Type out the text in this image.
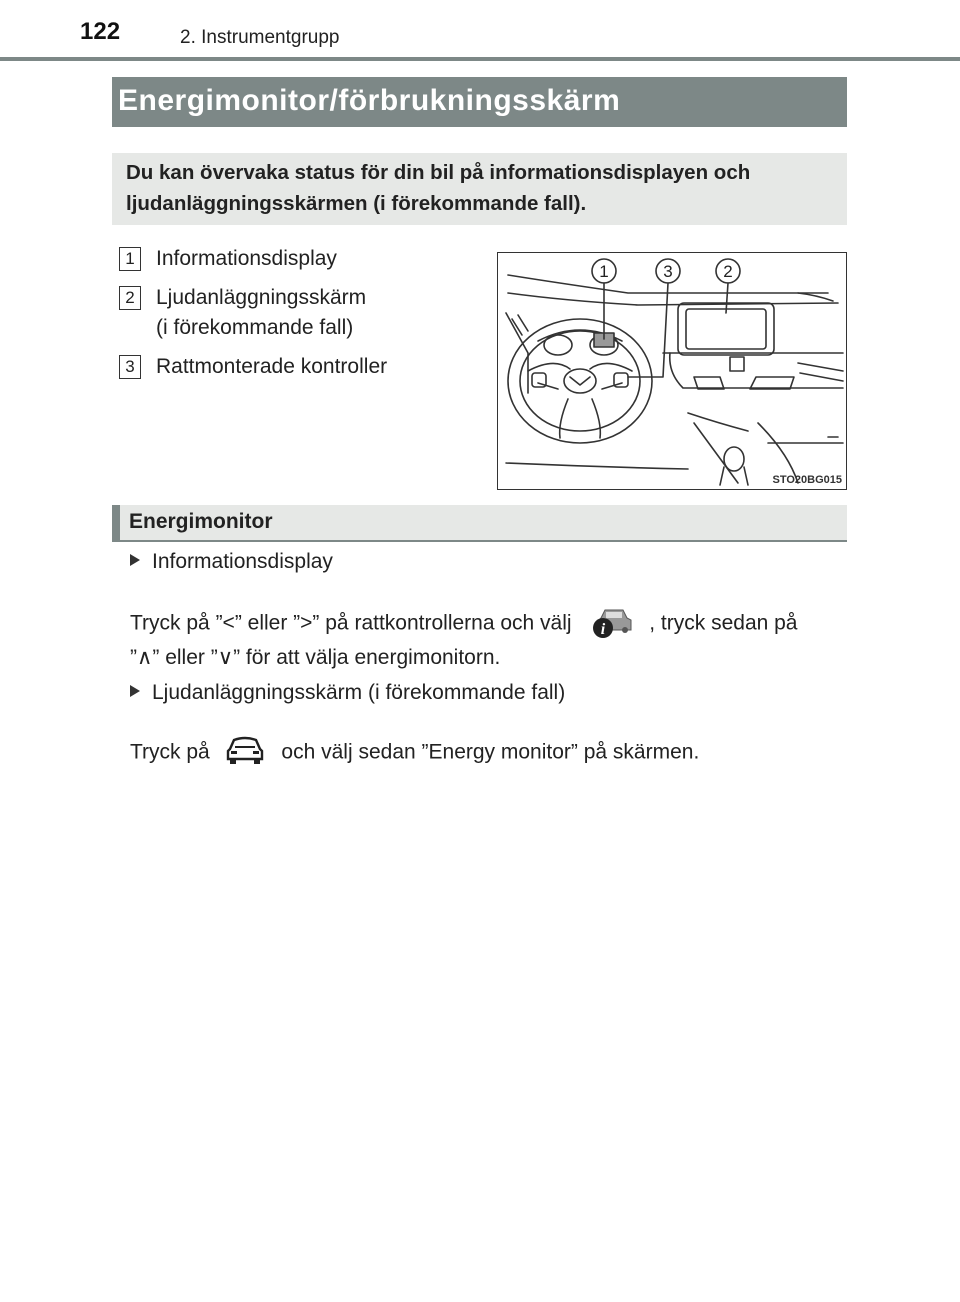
122	2. Instrumentgrupp
Energimonitor/förbrukningsskärm

Du kan övervaka status för din bil på informationsdisplayen och ljudanläggningsskärmen (i förekommande fall).

1 Informationsdisplay
2 Ljudanläggningsskärm
(i förekommande fall)
3 Rattmonterade kontroller
1	3	2
STO20BG015
Energimonitor
Informationsdisplay
Tryck på ”<” eller ”>” på rattkontrollerna och välj i , tryck sedan på
”∧” eller ”∨” för att välja energimonitorn.
Ljudanläggningsskärm (i förekommande fall)
Tryck på	och välj sedan ”Energy monitor” på skärmen.
